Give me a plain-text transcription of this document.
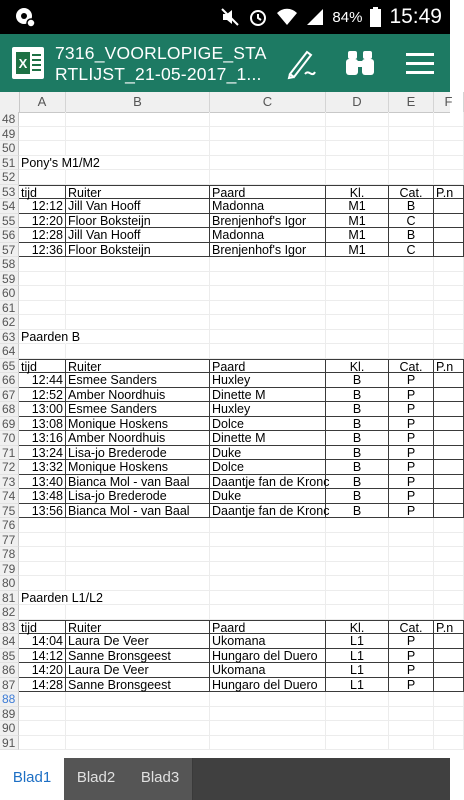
84% 15:49
X
7316_VOORLOPIGE_STA
RTLIJST_21-05-2017_1...
A	B	C	D	E	F
48
49
50
51 Pony's M1/M2
52
53 tijd	Ruiter	Paard	Kl.	Cat.	P.n
54	12:12 Jill Van Hooff	Madonna	M1	B
55	12:20 Floor Boksteijn	Brenjenhof's Igor	M1	C
56	12:28 Jill Van Hooff	Madonna	M1	B
57	12:36 Floor Boksteijn	Brenjenhof's Igor	M1	C
58
59
60
61
62
63 Paarden B
64
65 tijd	Ruiter	Paard	Kl.	Cat.	P.n
66	12:44 Esmee Sanders	Huxley	B	P
67	12:52 Amber Noordhuis	Dinette M	B	P
68	13:00 Esmee Sanders	Huxley	B	P
69	13:08 Monique Hoskens	Dolce	B	P
70	13:16 Amber Noordhuis	Dinette M	B	P
71	13:24 Lisa-jo Brederode	Duke	B	P
72	13:32 Monique Hoskens	Dolce	B	P
73	13:40 Bianca Mol - van Baal	Daantje fan de Kronc	B	P
74	13:48 Lisa-jo Brederode	Duke	B	P
75	13:56 Bianca Mol - van Baal	Daantje fan de Kronc	B	P
76
77
78
79
80
81 Paarden L1/L2
82
83 tijd	Ruiter	Paard	Kl.	Cat.	P.n
84	14:04 Laura De Veer	Ukomana	L1	P
85	14:12 Sanne Bronsgeest	Hungaro del Duero	L1	P
86	14:20 Laura De Veer	Ukomana	L1	P
87	14:28 Sanne Bronsgeest	Hungaro del Duero	L1	P
88
89
90
91
Blad1	Blad2	Blad3
